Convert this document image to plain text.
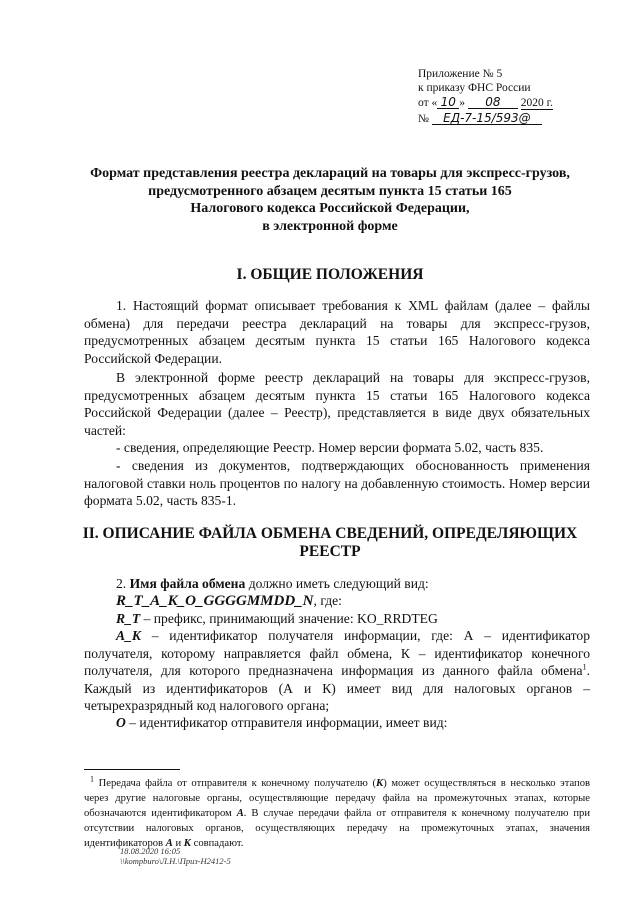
Приложение № 5
к приказу ФНС России
от « 10 » 08 2020 г.
№ ЕД-7-15/593@
Формат представления реестра деклараций на товары для экспресс-грузов,
предусмотренного абзацем десятым пункта 15 статьи 165
Налогового кодекса Российской Федерации,
в электронной форме
I. ОБЩИЕ ПОЛОЖЕНИЯ
1. Настоящий формат описывает требования к XML файлам (далее – файлы обмена) для передачи реестра деклараций на товары для экспресс-грузов, предусмотренных абзацем десятым пункта 15 статьи 165 Налогового кодекса Российской Федерации.
В электронной форме реестр деклараций на товары для экспресс-грузов, предусмотренных абзацем десятым пункта 15 статьи 165 Налогового кодекса Российской Федерации (далее – Реестр), представляется в виде двух обязательных частей:
- сведения, определяющие Реестр. Номер версии формата 5.02, часть 835.
- сведения из документов, подтверждающих обоснованность применения налоговой ставки ноль процентов по налогу на добавленную стоимость. Номер версии формата 5.02, часть 835-1.
II. ОПИСАНИЕ ФАЙЛА ОБМЕНА СВЕДЕНИЙ, ОПРЕДЕЛЯЮЩИХ
РЕЕСТР
2. Имя файла обмена должно иметь следующий вид:
R_T_A_K_O_GGGGMMDD_N, где:
R_T – префикс, принимающий значение: KO_RRDTEG
A_K – идентификатор получателя информации, где: А – идентификатор получателя, которому направляется файл обмена, К – идентификатор конечного получателя, для которого предназначена информация из данного файла обмена$^1$. Каждый из идентификаторов (А и К) имеет вид для налоговых органов – четырехразрядный код налогового органа;
O – идентификатор отправителя информации, имеет вид:
$^1$ Передача файла от отправителя к конечному получателю (К) может осуществляться в несколько этапов через другие налоговые органы, осуществляющие передачу файла на промежуточных этапах, которые обозначаются идентификатором А. В случае передачи файла от отправителя к конечному получателю при отсутствии налоговых органов, осуществляющих передачу на промежуточных этапах, значения идентификаторов А и К совпадают.
18.08.2020 16:05
\\kompburo\Л.Н.\Приз-Н2412-5
